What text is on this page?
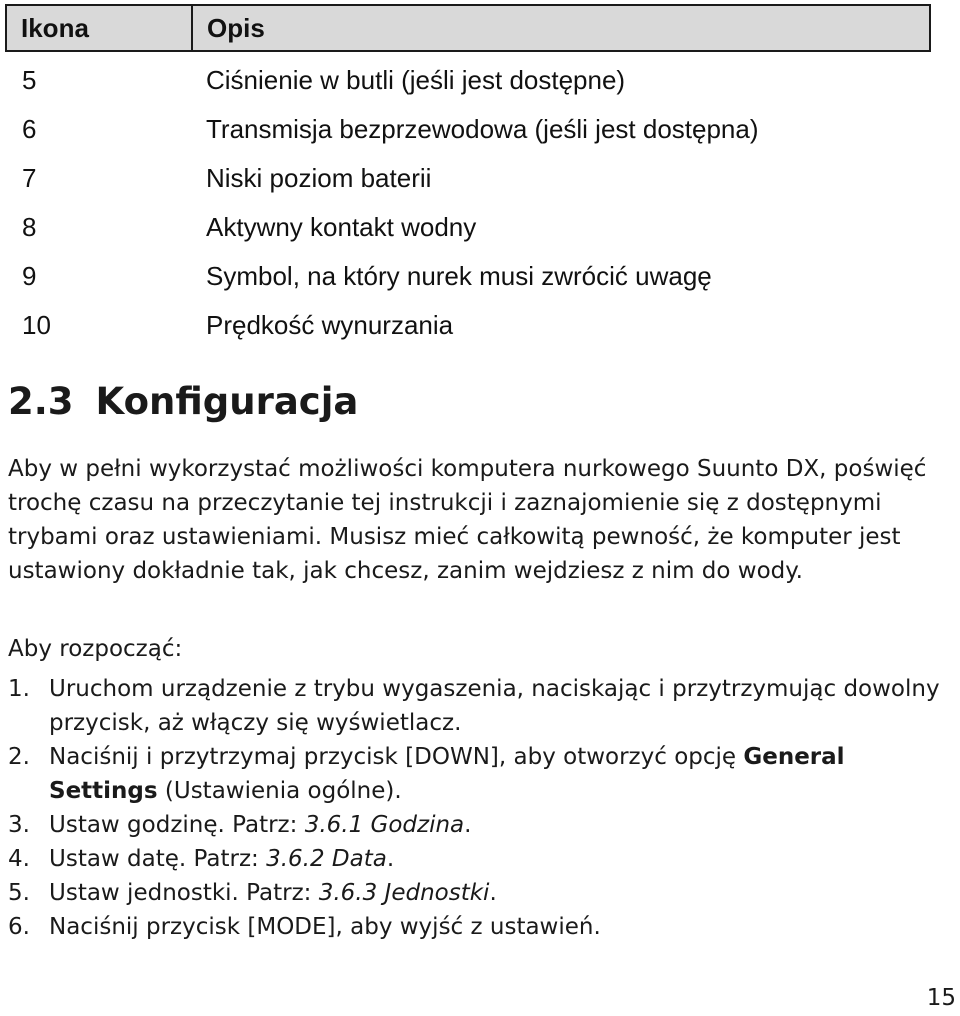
Ikona	Opis
5	Ciśnienie w butli (jeśli jest dostępne)
6	Transmisja bezprzewodowa (jeśli jest dostępna)
7	Niski poziom baterii
8	Aktywny kontakt wodny
9	Symbol, na który nurek musi zwrócić uwagę
10	Prędkość wynurzania
2.3 Konfiguracja

Aby w pełni wykorzystać możliwości komputera nurkowego Suunto DX, poświęć trochę czasu na przeczytanie tej instrukcji i zaznajomienie się z dostępnymi trybami oraz ustawieniami. Musisz mieć całkowitą pewność, że komputer jest ustawiony dokładnie tak, jak chcesz, zanim wejdziesz z nim do wody.

Aby rozpocząć:

1. Uruchom urządzenie z trybu wygaszenia, naciskając i przytrzymując dowolny przycisk, aż włączy się wyświetlacz.
2. Naciśnij i przytrzymaj przycisk [DOWN], aby otworzyć opcję General Settings (Ustawienia ogólne).
3. Ustaw godzinę. Patrz: 3.6.1 Godzina.
4. Ustaw datę. Patrz: 3.6.2 Data.
5. Ustaw jednostki. Patrz: 3.6.3 Jednostki.
6. Naciśnij przycisk [MODE], aby wyjść z ustawień.
15
